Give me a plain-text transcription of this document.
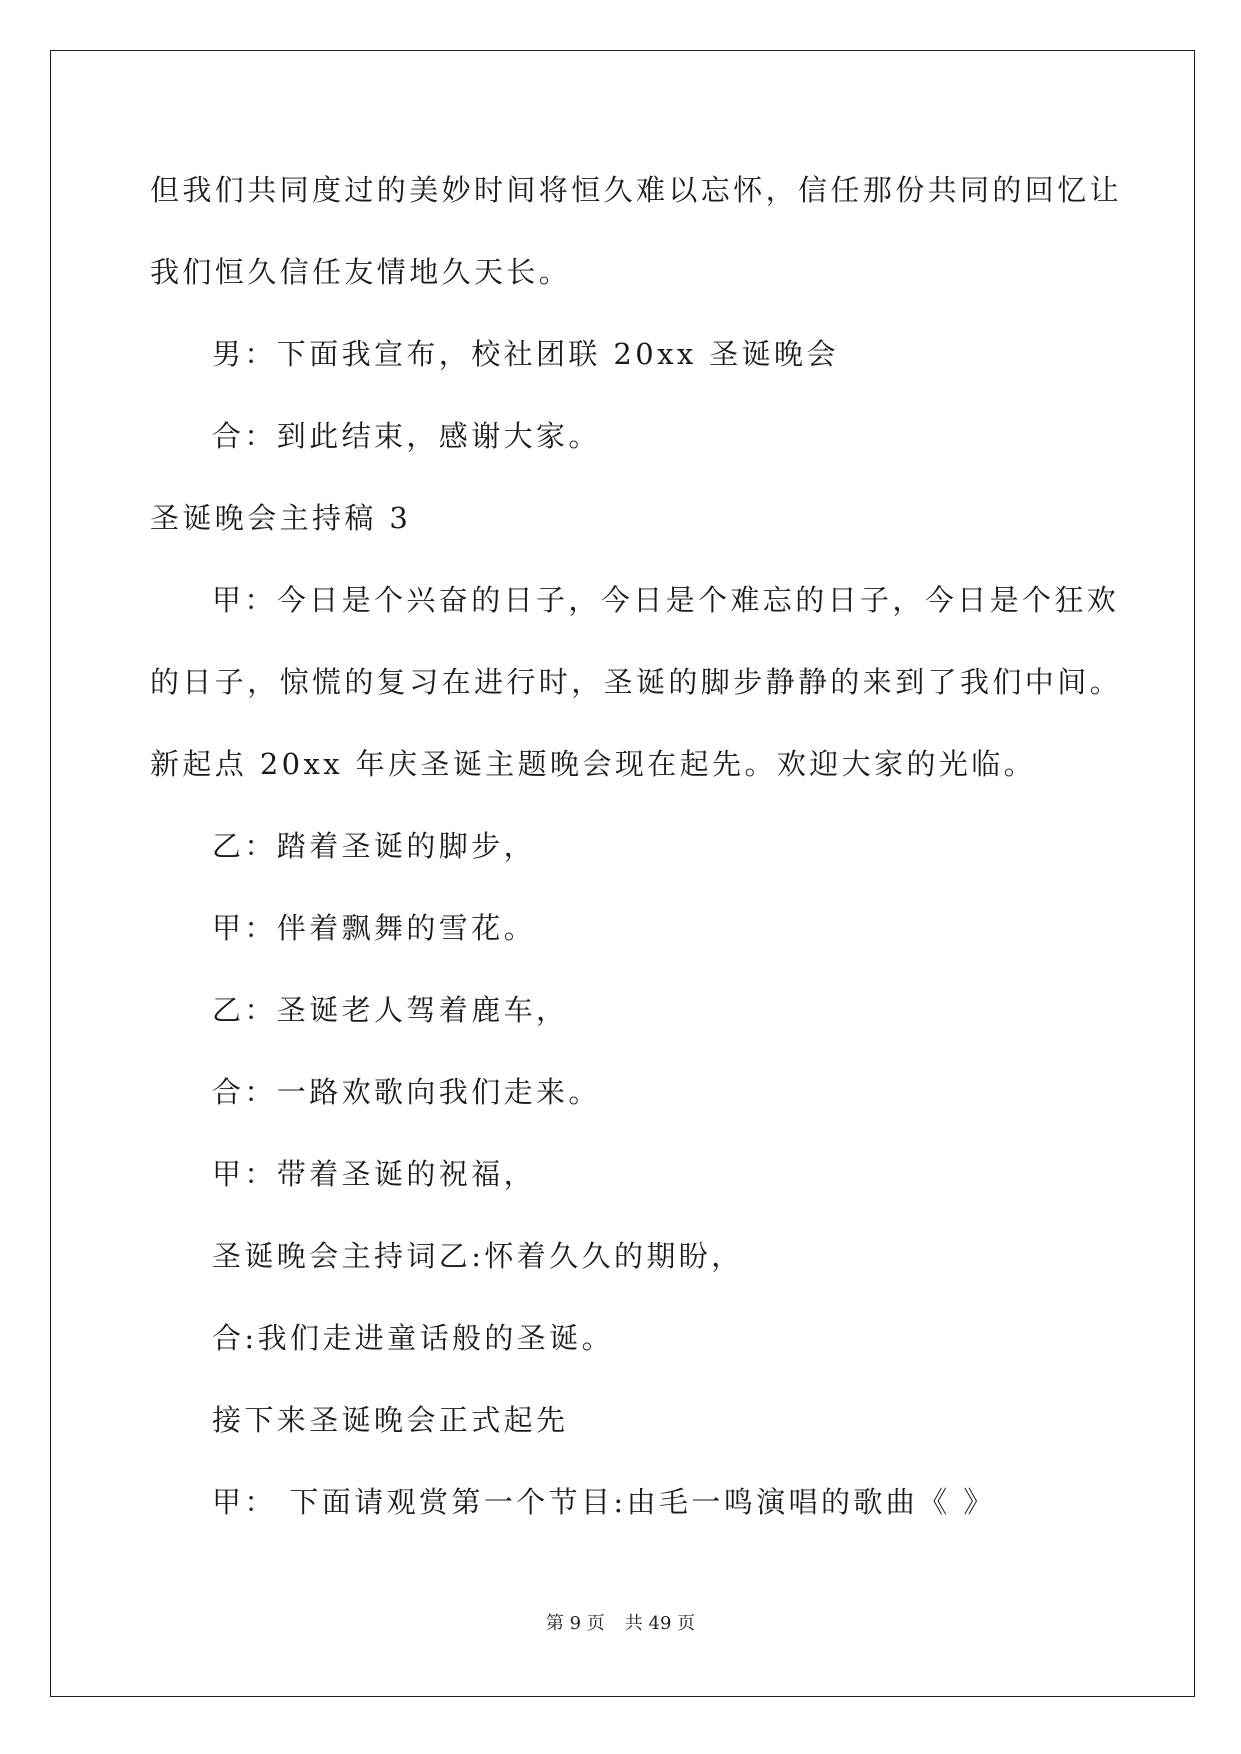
但我们共同度过的美妙时间将恒久难以忘怀，信任那份共同的回忆让
我们恒久信任友情地久天长。
男：下面我宣布，校社团联 20xx 圣诞晚会
合：到此结束，感谢大家。
圣诞晚会主持稿 3
甲：今日是个兴奋的日子，今日是个难忘的日子，今日是个狂欢
的日子，惊慌的复习在进行时，圣诞的脚步静静的来到了我们中间。
新起点 20xx 年庆圣诞主题晚会现在起先。欢迎大家的光临。
乙：踏着圣诞的脚步，
甲：伴着飘舞的雪花。
乙：圣诞老人驾着鹿车，
合：一路欢歌向我们走来。
甲：带着圣诞的祝福，
圣诞晚会主持词乙:怀着久久的期盼，
合:我们走进童话般的圣诞。
接下来圣诞晚会正式起先
甲： 下面请观赏第一个节目:由毛一鸣演唱的歌曲《 》
第 9 页 共 49 页
